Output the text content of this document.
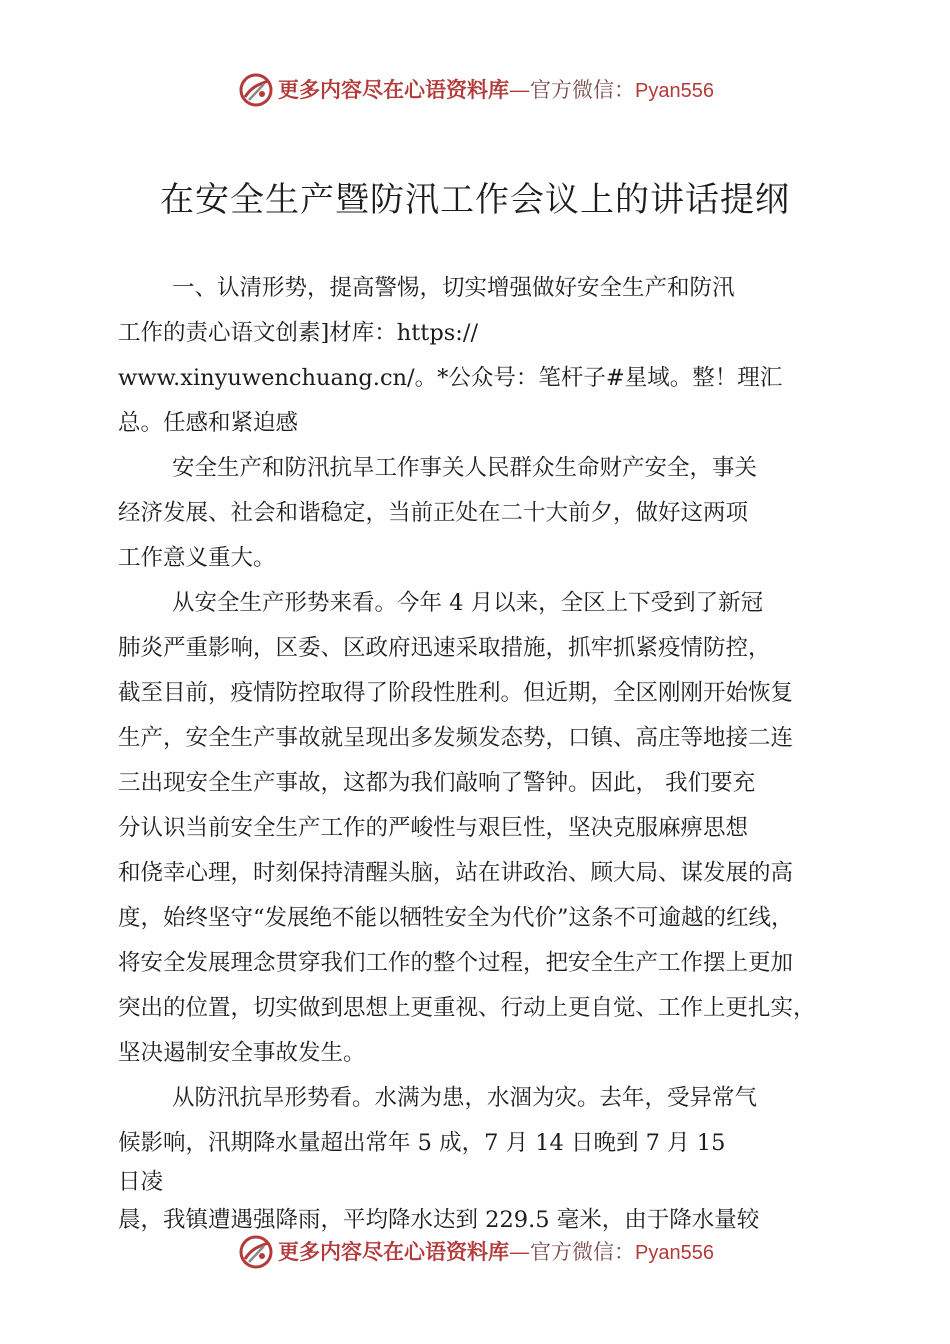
更多内容尽在心语资料库—官方微信：Pyan556
在安全生产暨防汛工作会议上的讲话提纲
一、认清形势，提高警惕，切实增强做好安全生产和防汛
工作的责心语文创素]材库：https://
www.xinyuwenchuang.cn/。*公众号：笔杆子#星域。整！理汇
总。任感和紧迫感
安全生产和防汛抗旱工作事关人民群众生命财产安全，事关
经济发展、社会和谐稳定，当前正处在二十大前夕，做好这两项
工作意义重大。
从安全生产形势来看。今年 4 月以来，全区上下受到了新冠
肺炎严重影响，区委、区政府迅速采取措施，抓牢抓紧疫情防控，
截至目前，疫情防控取得了阶段性胜利。但近期，全区刚刚开始恢复
生产，安全生产事故就呈现出多发频发态势，口镇、高庄等地接二连
三出现安全生产事故，这都为我们敲响了警钟。因此， 我们要充
分认识当前安全生产工作的严峻性与艰巨性，坚决克服麻痹思想
和侥幸心理，时刻保持清醒头脑，站在讲政治、顾大局、谋发展的高
度，始终坚守“发展绝不能以牺牲安全为代价”这条不可逾越的红线，
将安全发展理念贯穿我们工作的整个过程，把安全生产工作摆上更加
突出的位置，切实做到思想上更重视、行动上更自觉、工作上更扎实，
坚决遏制安全事故发生。
从防汛抗旱形势看。水满为患，水涸为灾。去年，受异常气
候影响，汛期降水量超出常年 5 成，7 月 14 日晚到 7 月 15
日凌
晨，我镇遭遇强降雨，平均降水达到 229.5 毫米，由于降水量较
更多内容尽在心语资料库—官方微信：Pyan556
